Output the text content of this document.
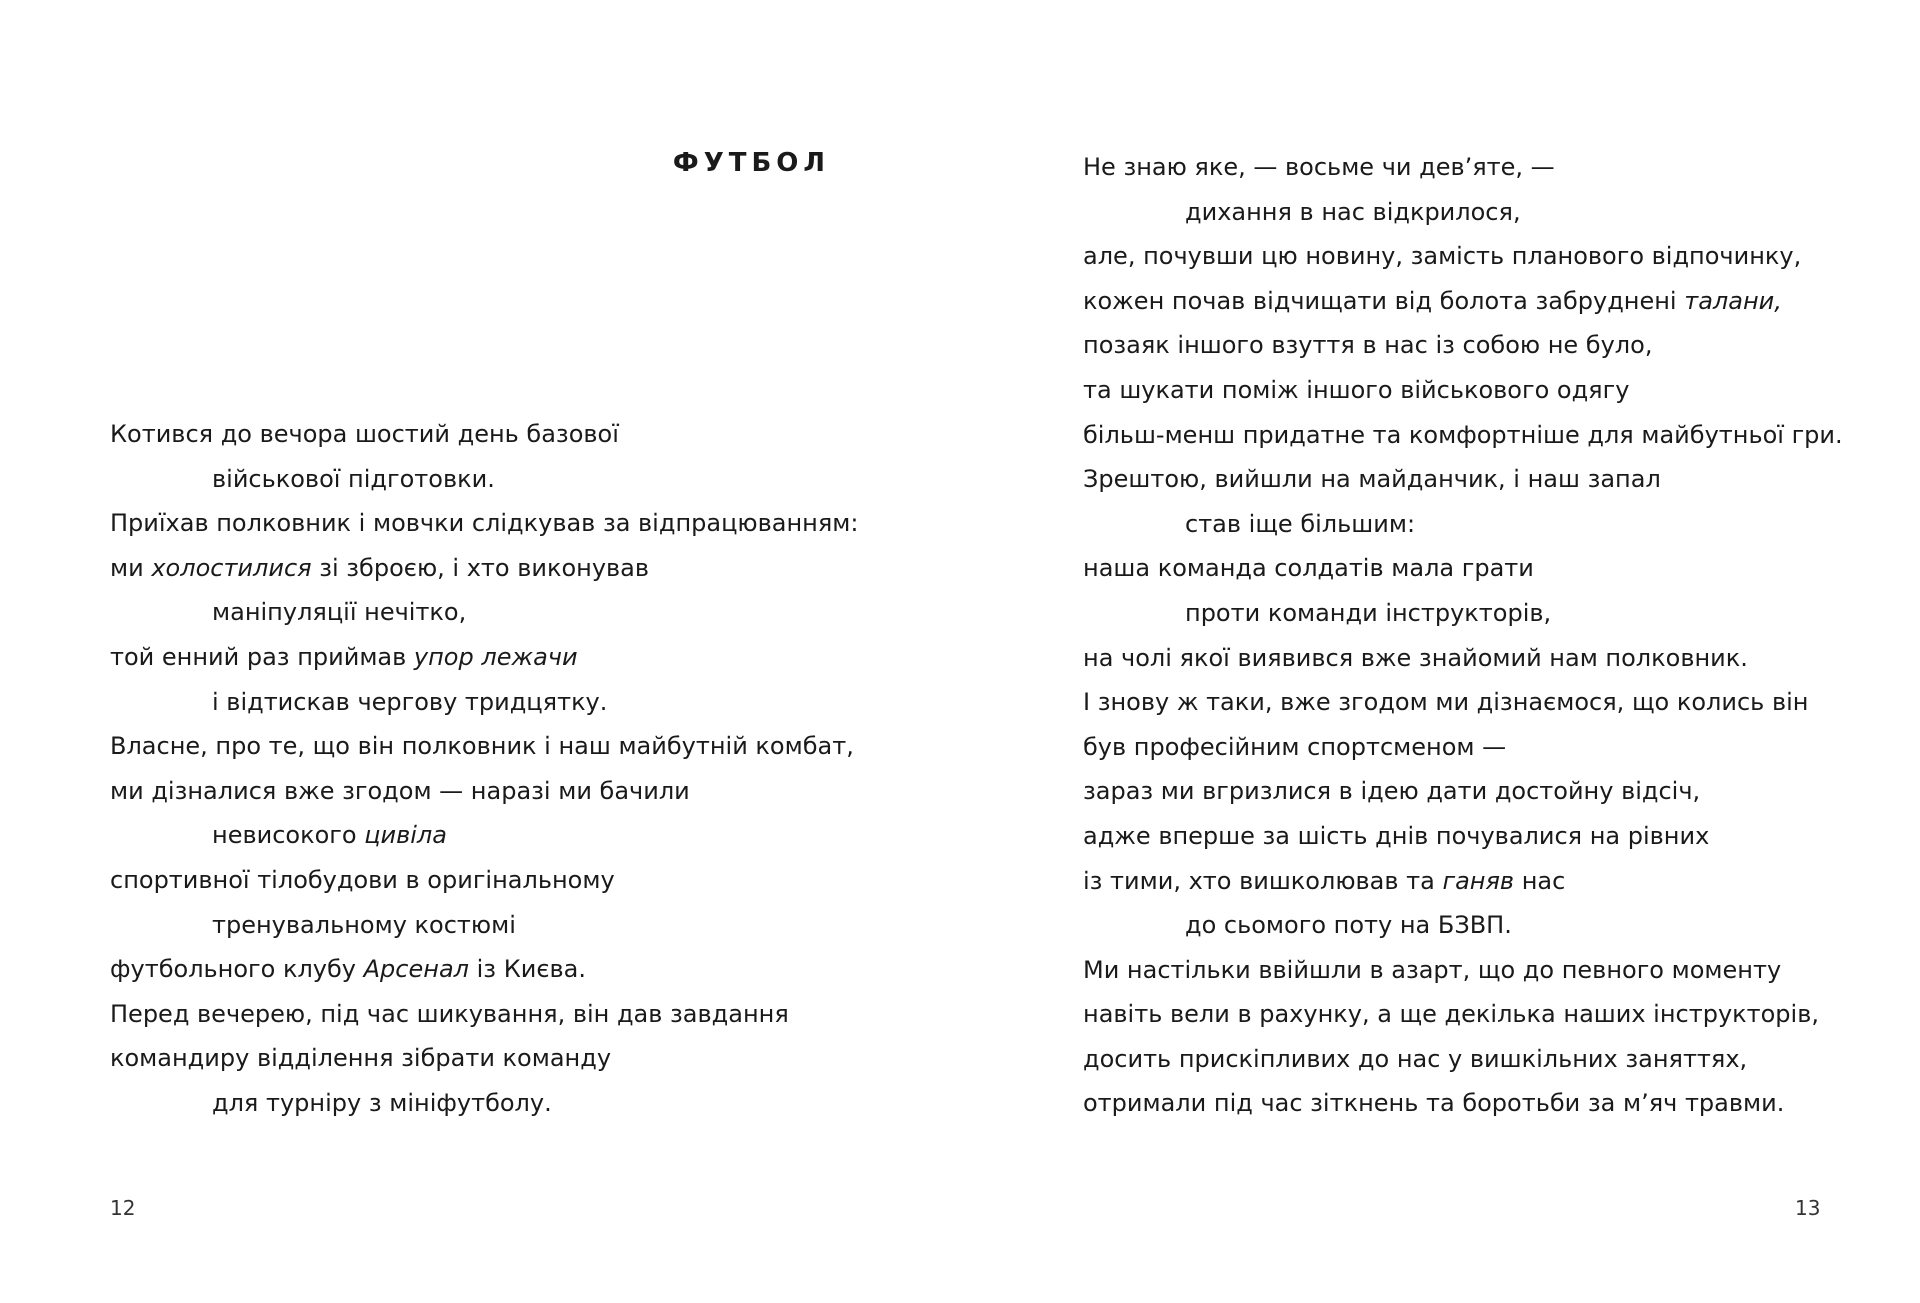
ФУТБОЛ

Котився до вечора шостий день базової

військової підготовки.

Приїхав полковник і мовчки слідкував за відпрацюванням:

ми холостилися зі зброєю, і хто виконував

маніпуляції нечітко,

той енний раз приймав упор лежачи

і відтискав чергову тридцятку.

Власне, про те, що він полковник і наш майбутній комбат,

ми дізналися вже згодом — наразі ми бачили

невисокого цивіла

спортивної тілобудови в оригінальному

тренувальному костюмі

футбольного клубу Арсенал із Києва.

Перед вечерею, під час шикування, він дав завдання

командиру відділення зібрати команду

для турніру з мініфутболу.

Не знаю яке, — восьме чи дев’яте, —

дихання в нас відкрилося,

але, почувши цю новину, замість планового відпочинку,

кожен почав відчищати від болота забруднені талани,

позаяк іншого взуття в нас із собою не було,

та шукати поміж іншого військового одягу

більш-менш придатне та комфортніше для майбутньої гри.

Зрештою, вийшли на майданчик, і наш запал

став іще більшим:

наша команда солдатів мала грати

проти команди інструкторів,

на чолі якої виявився вже знайомий нам полковник.

І знову ж таки, вже згодом ми дізнаємося, що колись він

був професійним спортсменом —

зараз ми вгризлися в ідею дати достойну відсіч,

адже вперше за шість днів почувалися на рівних

із тими, хто вишколював та ганяв нас

до сьомого поту на БЗВП.

Ми настільки ввійшли в азарт, що до певного моменту

навіть вели в рахунку, а ще декілька наших інструкторів,

досить прискіпливих до нас у вишкільних заняттях,

отримали під час зіткнень та боротьби за м’яч травми.

12	13
